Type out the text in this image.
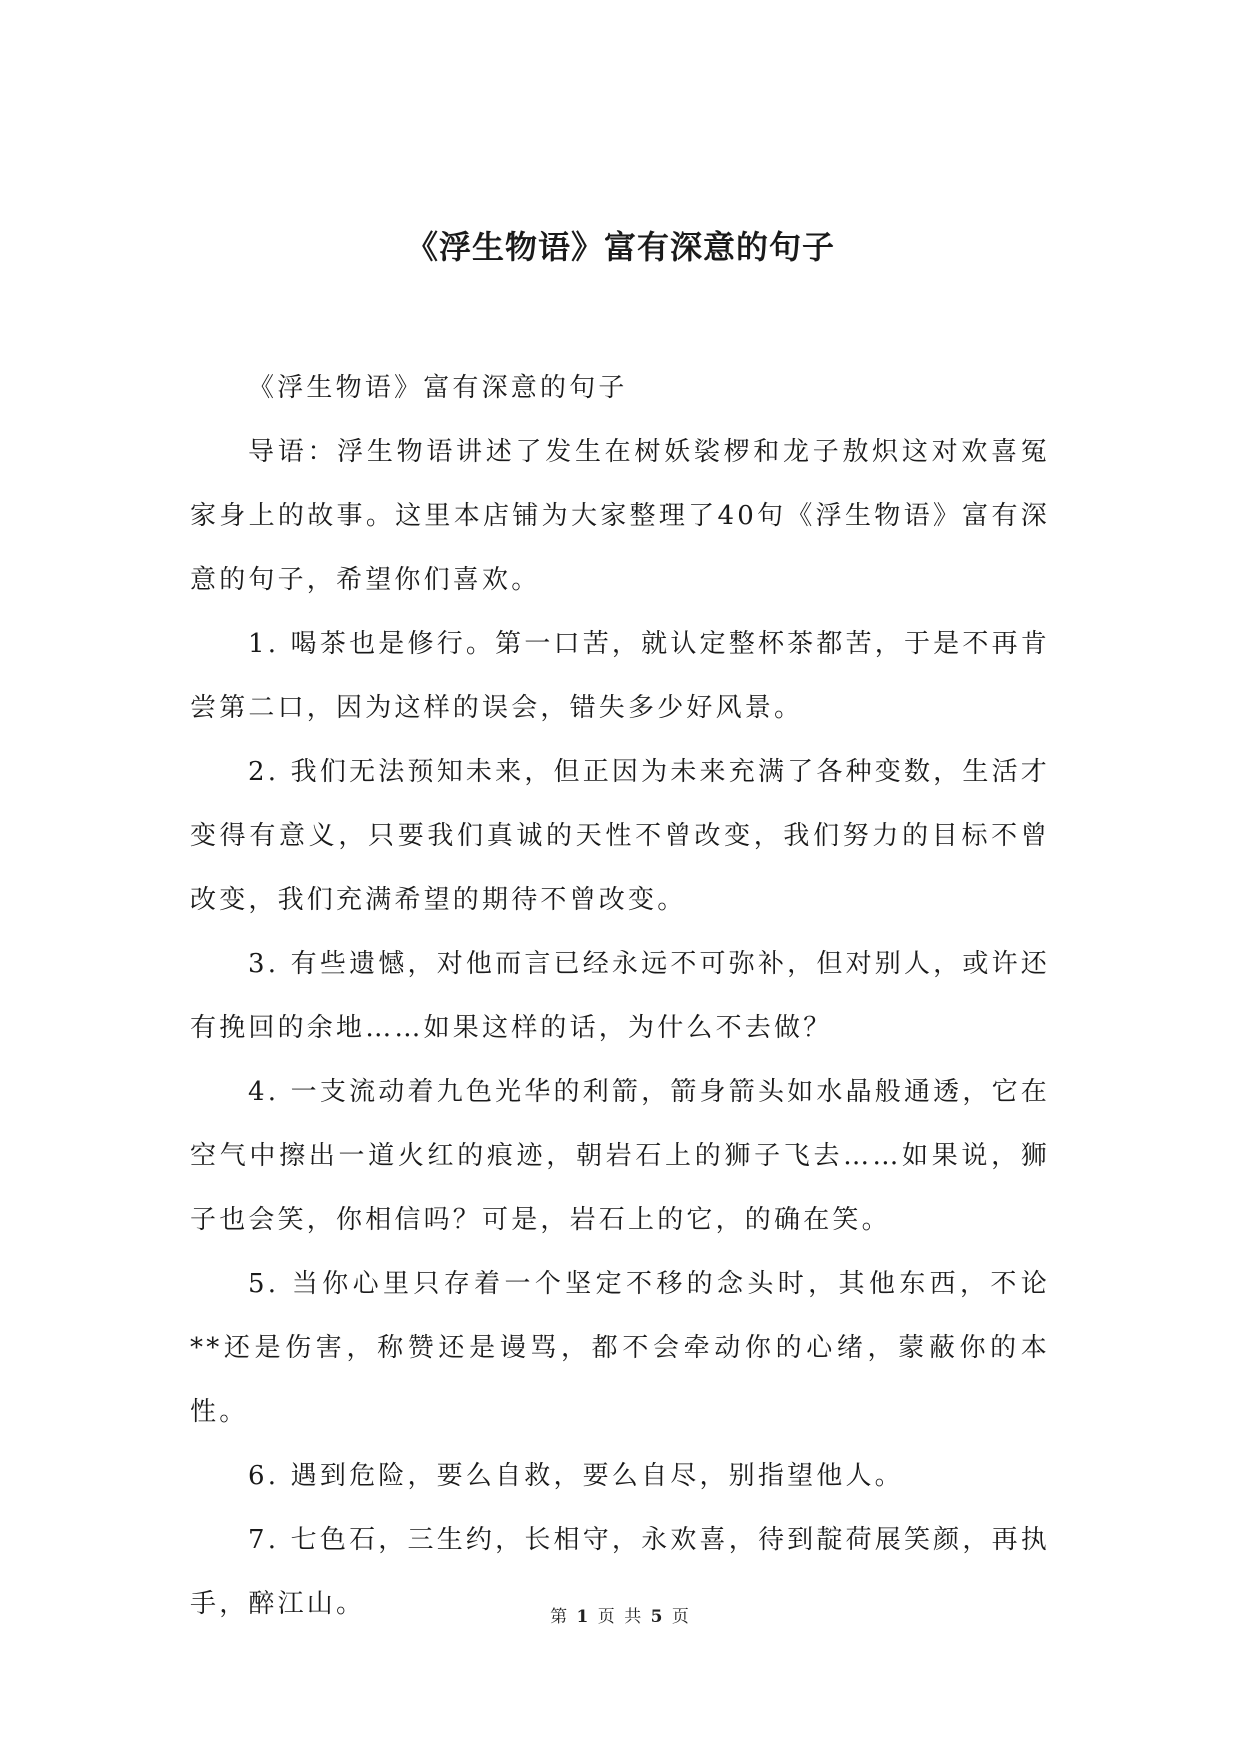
《浮生物语》富有深意的句子

《浮生物语》富有深意的句子

导语：浮生物语讲述了发生在树妖裟椤和龙子敖炽这对欢喜冤家身上的故事。这里本店铺为大家整理了40句《浮生物语》富有深意的句子，希望你们喜欢。

1. 喝茶也是修行。第一口苦，就认定整杯茶都苦，于是不再肯尝第二口，因为这样的误会，错失多少好风景。

2. 我们无法预知未来，但正因为未来充满了各种变数，生活才变得有意义，只要我们真诚的天性不曾改变，我们努力的目标不曾改变，我们充满希望的期待不曾改变。

3. 有些遗憾，对他而言已经永远不可弥补，但对别人，或许还有挽回的余地……如果这样的话，为什么不去做？

4. 一支流动着九色光华的利箭，箭身箭头如水晶般通透，它在空气中擦出一道火红的痕迹，朝岩石上的狮子飞去……如果说，狮子也会笑，你相信吗？可是，岩石上的它，的确在笑。

5. 当你心里只存着一个坚定不移的念头时，其他东西，不论**还是伤害，称赞还是谩骂，都不会牵动你的心绪，蒙蔽你的本性。

6. 遇到危险，要么自救，要么自尽，别指望他人。

7. 七色石，三生约，长相守，永欢喜，待到靛荷展笑颜，再执手，醉江山。	第 1 页 共 5 页
